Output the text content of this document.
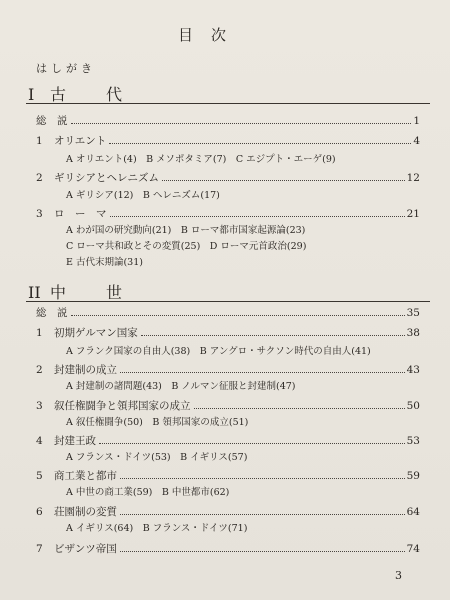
目次
はしがき
I 古代
総　説	1
1	オリエント	4
A オリエント(4)　B メソポタミア(7)　C エジプト・エーゲ(9)
2	ギリシアとヘレニズム	12
A ギリシア(12)　B ヘレニズム(17)
3	ロ　ー　マ	21
A わが国の研究動向(21)　B ローマ都市国家起源論(23)
C ローマ共和政とその変質(25)　D ローマ元首政治(29)
E 古代末期論(31)
II 中世
総　説	35
1	初期ゲルマン国家	38
A フランク国家の自由人(38)　B アングロ・サクソン時代の自由人(41)
2	封建制の成立	43
A 封建制の諸問題(43)　B ノルマン征服と封建制(47)
3	叙任権闘争と領邦国家の成立	50
A 叙任権闘争(50)　B 領邦国家の成立(51)
4	封建王政	53
A フランス・ドイツ(53)　B イギリス(57)
5	商工業と都市	59
A 中世の商工業(59)　B 中世都市(62)
6	荘園制の変質	64
A イギリス(64)　B フランス・ドイツ(71)
7	ビザンツ帝国	74
3
